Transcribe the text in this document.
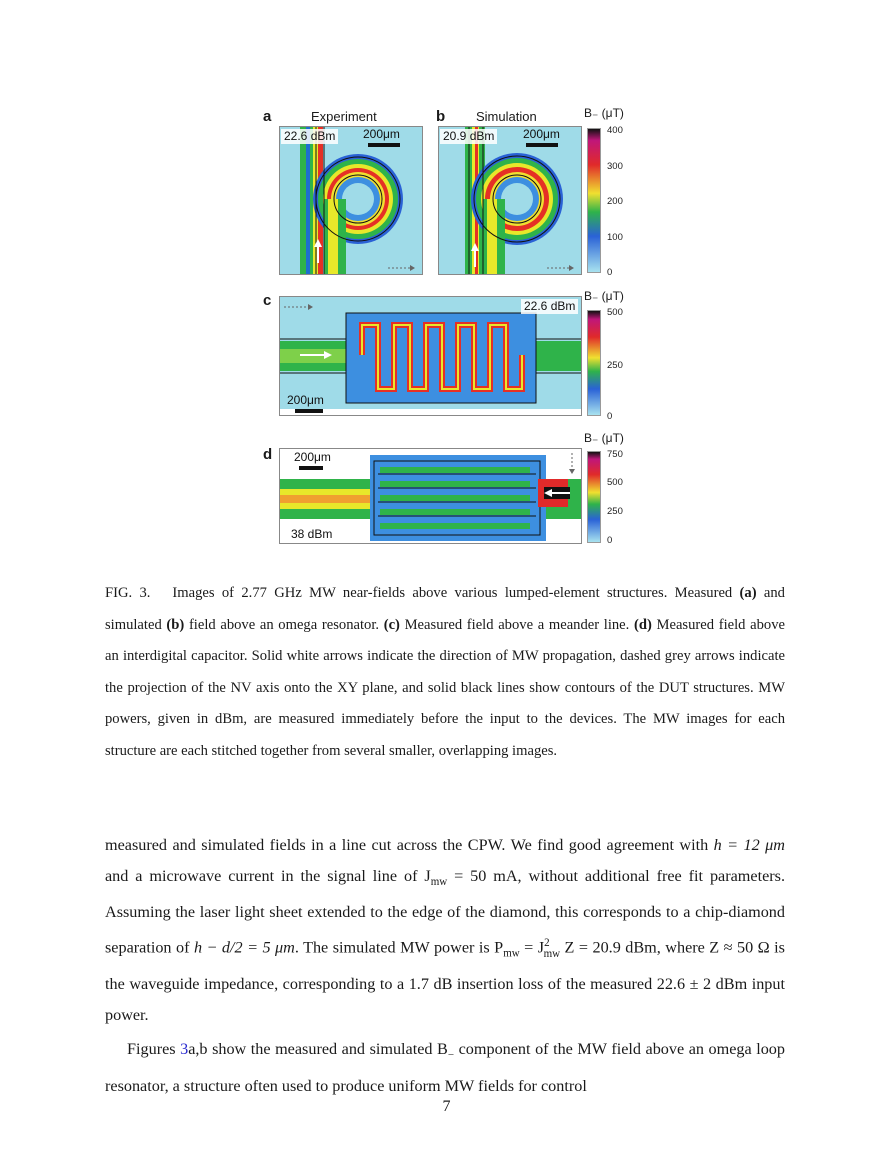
a	Experiment
22.6 dBm 200μm
b Simulation
20.9 dBm 200μm
B₋ (μT)
400
300
200
100
0
c	22.6 dBm
200μm
B₋ (μT)
500
250
0
d 200μm
38 dBm
B₋ (μT)
750
500
250
0
FIG. 3. Images of 2.77 GHz MW near-fields above various lumped-element structures. Measured (a) and simulated (b) field above an omega resonator. (c) Measured field above a meander line. (d) Measured field above an interdigital capacitor. Solid white arrows indicate the direction of MW propagation, dashed grey arrows indicate the projection of the NV axis onto the XY plane, and solid black lines show contours of the DUT structures. MW powers, given in dBm, are measured immediately before the input to the devices. The MW images for each structure are each stitched together from several smaller, overlapping images.

measured and simulated fields in a line cut across the CPW. We find good agreement with h = 12 μm and a microwave current in the signal line of $J_{mw} = 50$ mA, without additional free fit parameters. Assuming the laser light sheet extended to the edge of the diamond, this corresponds to a chip-diamond separation of h − d/2 = 5 μm. The simulated MW power is $P_{mw} = J^2_{mw}$ Z = 20.9 dBm, where Z ≈ 50 Ω is the waveguide impedance, corresponding to a 1.7 dB insertion loss of the measured 22.6 ± 2 dBm input power.

Figures 3a,b show the measured and simulated $B_-$ component of the MW field above an omega loop resonator, a structure often used to produce uniform MW fields for control

7
